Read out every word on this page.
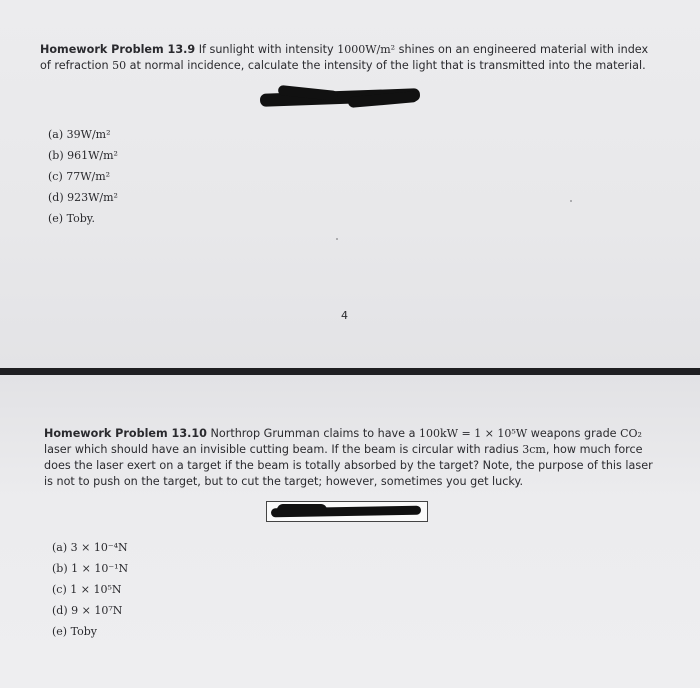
Homework Problem 13.9 If sunlight with intensity 1000W/m² shines on an engineered material with index of refraction 50 at normal incidence, calculate the intensity of the light that is transmitted into the material.

(a) 39W/m²
(b) 961W/m²
(c) 77W/m²
(d) 923W/m²
(e) Toby.
4

Homework Problem 13.10 Northrop Grumman claims to have a 100kW = 1 × 10⁵W weapons grade CO₂ laser which should have an invisible cutting beam. If the beam is circular with radius 3cm, how much force does the laser exert on a target if the beam is totally absorbed by the target? Note, the purpose of this laser is not to push on the target, but to cut the target; however, sometimes you get lucky.

(a) 3 × 10⁻⁴N
(b) 1 × 10⁻¹N
(c) 1 × 10⁵N
(d) 9 × 10⁷N
(e) Toby
